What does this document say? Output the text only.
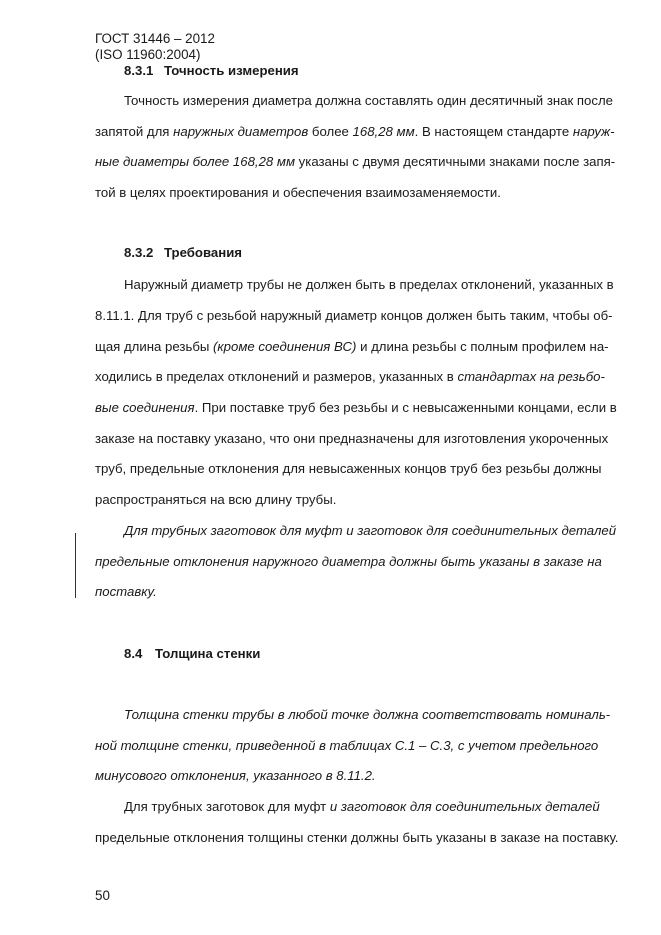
ГОСТ 31446 – 2012
(ISO 11960:2004)
8.3.1 Точность измерения
Точность измерения диаметра должна составлять один десятичный знак после
запятой для наружных диаметров более 168,28 мм. В настоящем стандарте наруж-
ные диаметры более 168,28 мм указаны с двумя десятичными знаками после запя-
той в целях проектирования и обеспечения взаимозаменяемости.
8.3.2 Требования
Наружный диаметр трубы не должен быть в пределах отклонений, указанных в
8.11.1. Для труб с резьбой наружный диаметр концов должен быть таким, чтобы об-
щая длина резьбы (кроме соединения ВС) и длина резьбы с полным профилем на-
ходились в пределах отклонений и размеров, указанных в стандартах на резьбо-
вые соединения. При поставке труб без резьбы и с невысаженными концами, если в
заказе на поставку указано, что они предназначены для изготовления укороченных
труб, предельные отклонения для невысаженных концов труб без резьбы должны
распространяться на всю длину трубы.
Для трубных заготовок для муфт и заготовок для соединительных деталей
предельные отклонения наружного диаметра должны быть указаны в заказе на
поставку.
8.4 Толщина стенки
Толщина стенки трубы в любой точке должна соответствовать номиналь-
ной толщине стенки, приведенной в таблицах С.1 – С.3, с учетом предельного
минусового отклонения, указанного в 8.11.2.
Для трубных заготовок для муфт и заготовок для соединительных деталей
предельные отклонения толщины стенки должны быть указаны в заказе на поставку.
50
